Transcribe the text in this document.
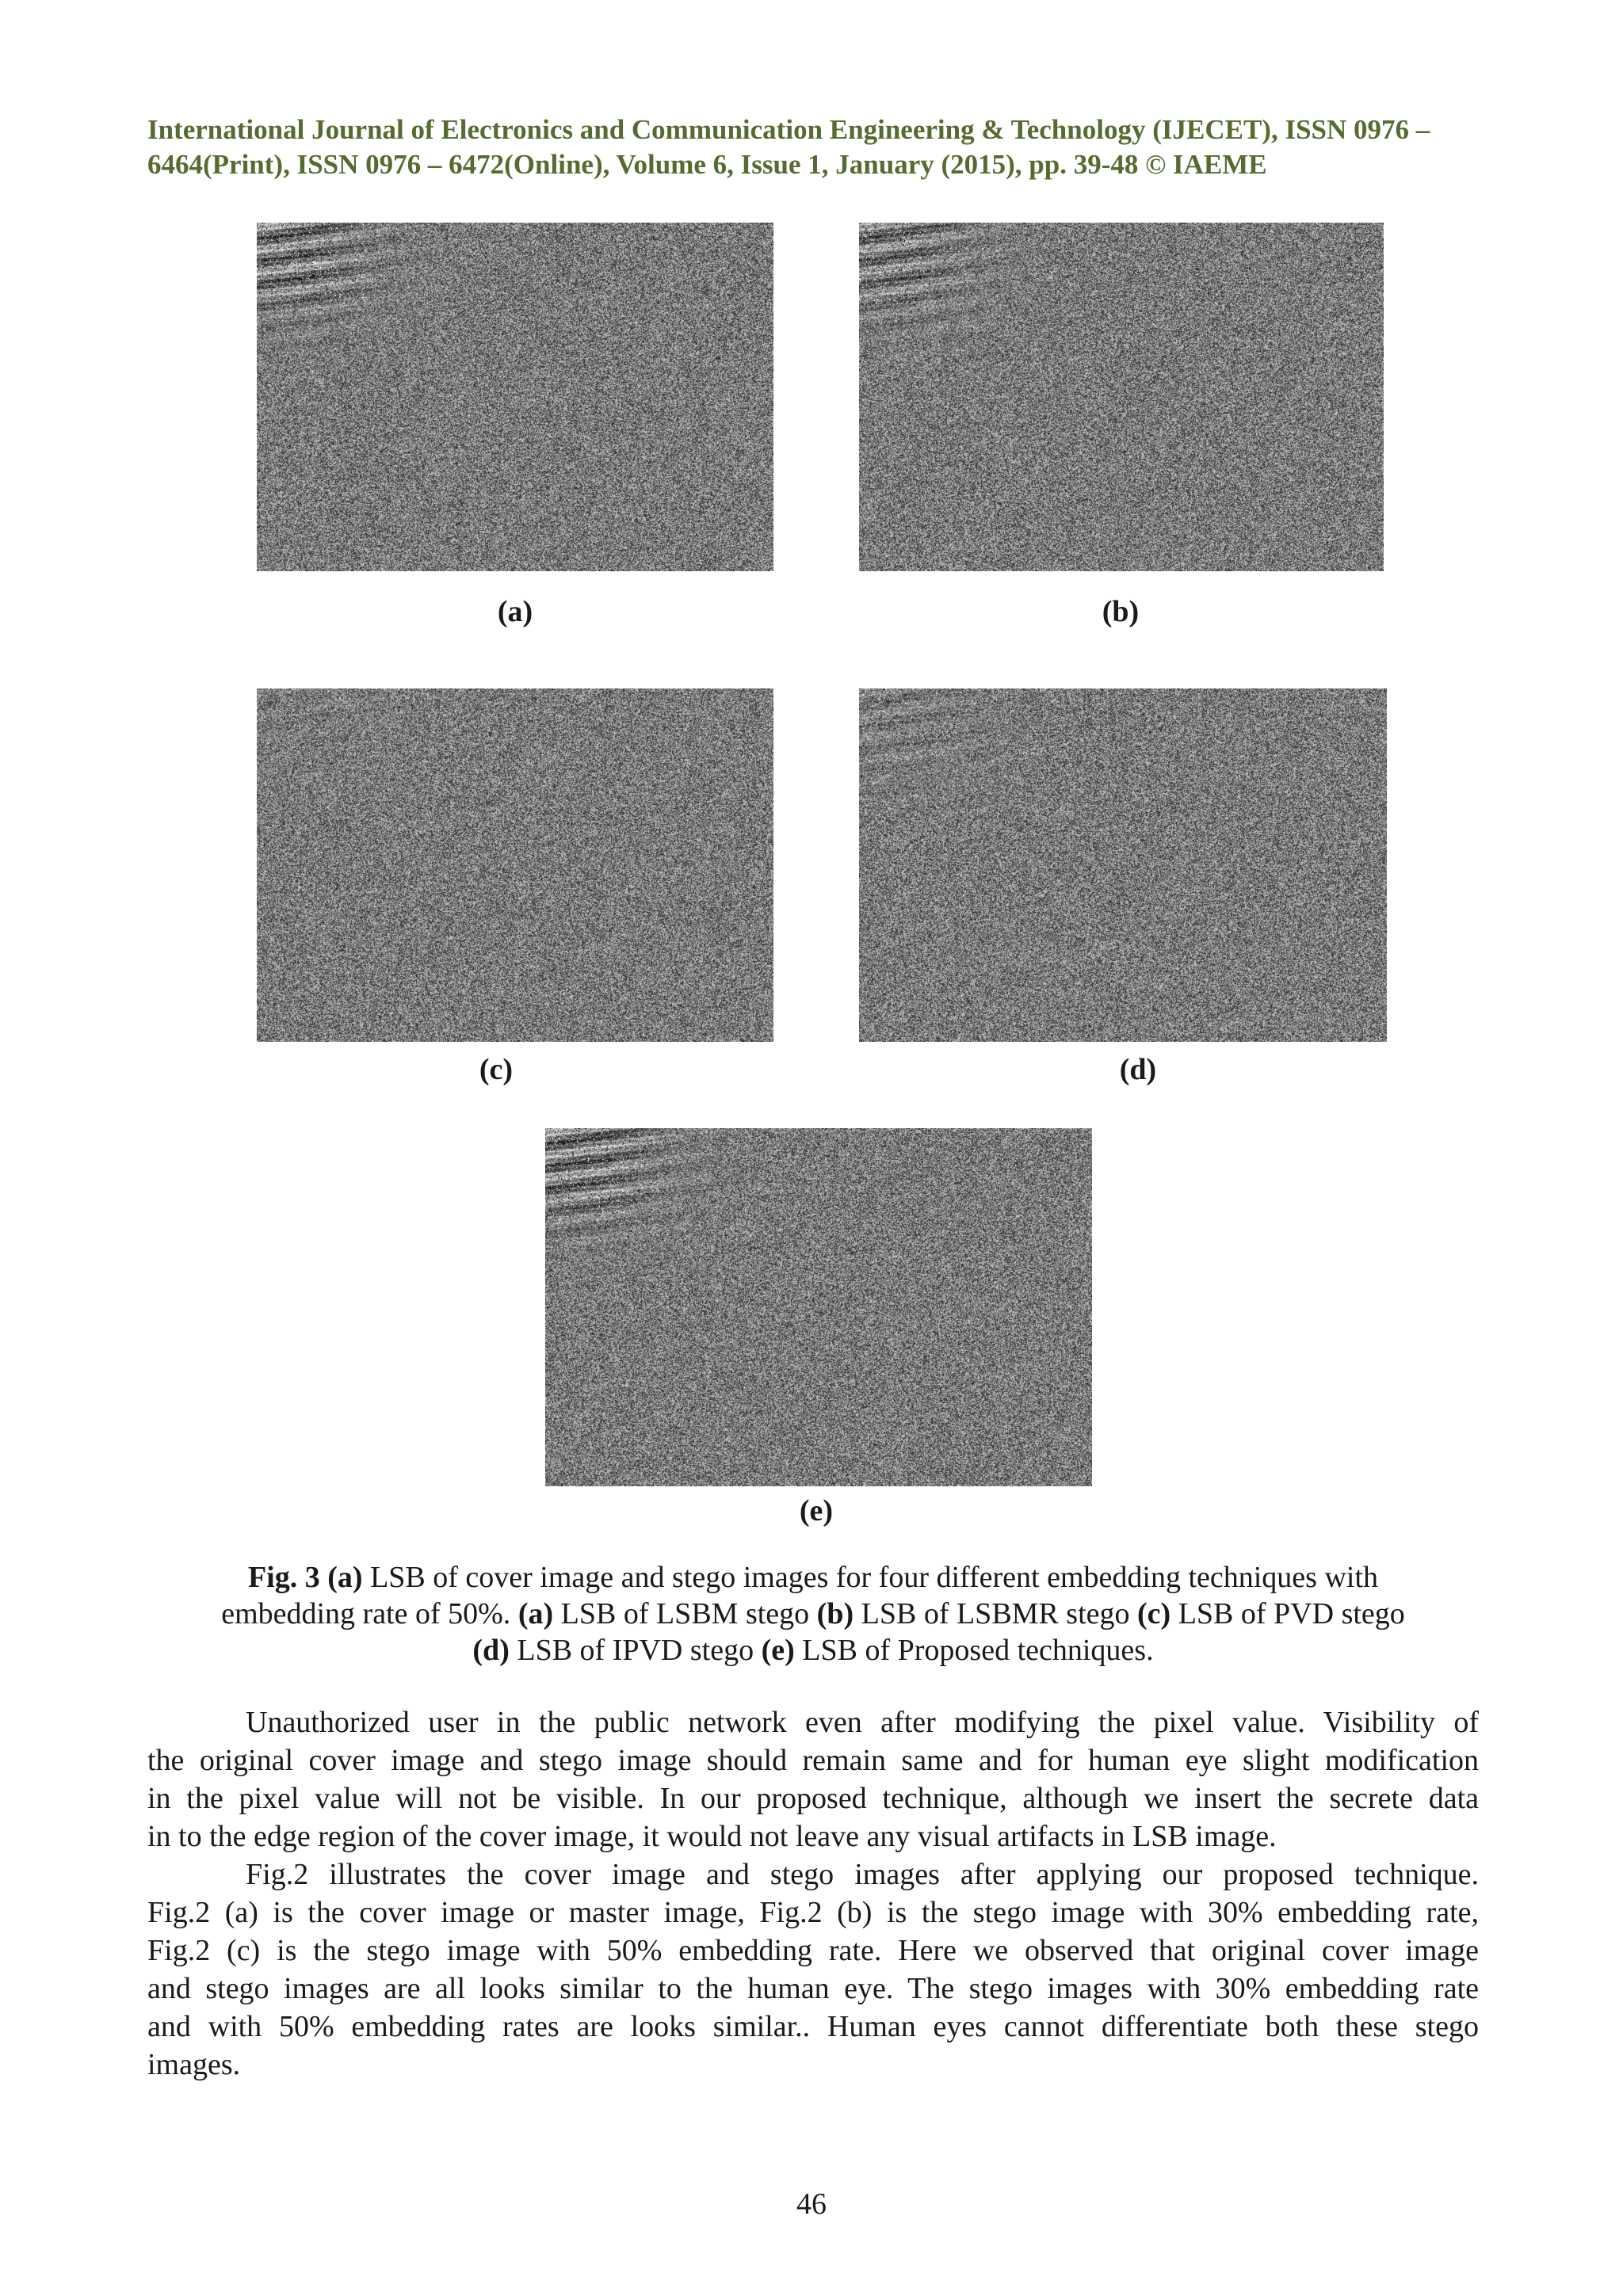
International Journal of Electronics and Communication Engineering & Technology (IJECET), ISSN 0976 –
6464(Print), ISSN 0976 – 6472(Online), Volume 6, Issue 1, January (2015), pp. 39-48 © IAEME
(a)	(b)
(c)	(d)
(e)
Fig. 3 (a) LSB of cover image and stego images for four different embedding techniques with
embedding rate of 50%. (a) LSB of LSBM stego (b) LSB of LSBMR stego (c) LSB of PVD stego
(d) LSB of IPVD stego (e) LSB of Proposed techniques.

Unauthorized user in the public network even after modifying the pixel value. Visibility of
the original cover image and stego image should remain same and for human eye slight modification
in the pixel value will not be visible. In our proposed technique, although we insert the secrete data
in to the edge region of the cover image, it would not leave any visual artifacts in LSB image.

Fig.2 illustrates the cover image and stego images after applying our proposed technique.
Fig.2 (a) is the cover image or master image, Fig.2 (b) is the stego image with 30% embedding rate,
Fig.2 (c) is the stego image with 50% embedding rate. Here we observed that original cover image
and stego images are all looks similar to the human eye. The stego images with 30% embedding rate
and with 50% embedding rates are looks similar.. Human eyes cannot differentiate both these stego
images.

46
